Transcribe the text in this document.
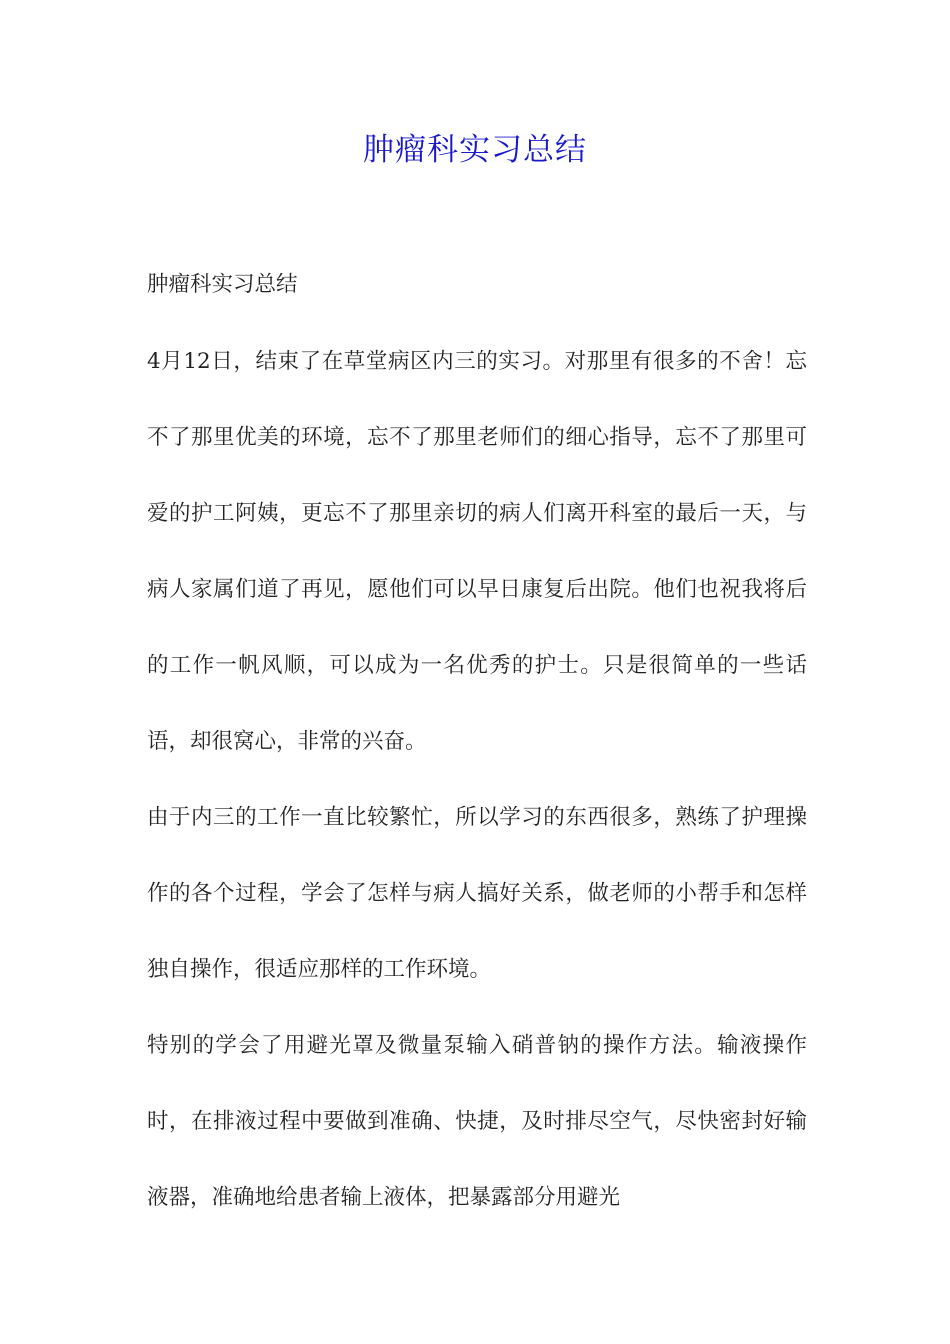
肿瘤科实习总结
肿瘤科实习总结

4月12日，结束了在草堂病区内三的实习。对那里有很多的不舍！忘不了那里优美的环境，忘不了那里老师们的细心指导，忘不了那里可爱的护工阿姨，更忘不了那里亲切的病人们离开科室的最后一天，与病人家属们道了再见，愿他们可以早日康复后出院。他们也祝我将后的工作一帆风顺，可以成为一名优秀的护士。只是很简单的一些话语，却很窝心，非常的兴奋。

由于内三的工作一直比较繁忙，所以学习的东西很多，熟练了护理操作的各个过程，学会了怎样与病人搞好关系，做老师的小帮手和怎样独自操作，很适应那样的工作环境。

特别的学会了用避光罩及微量泵输入硝普钠的操作方法。输液操作时，在排液过程中要做到准确、快捷，及时排尽空气，尽快密封好输液器，准确地给患者输上液体，把暴露部分用避光
